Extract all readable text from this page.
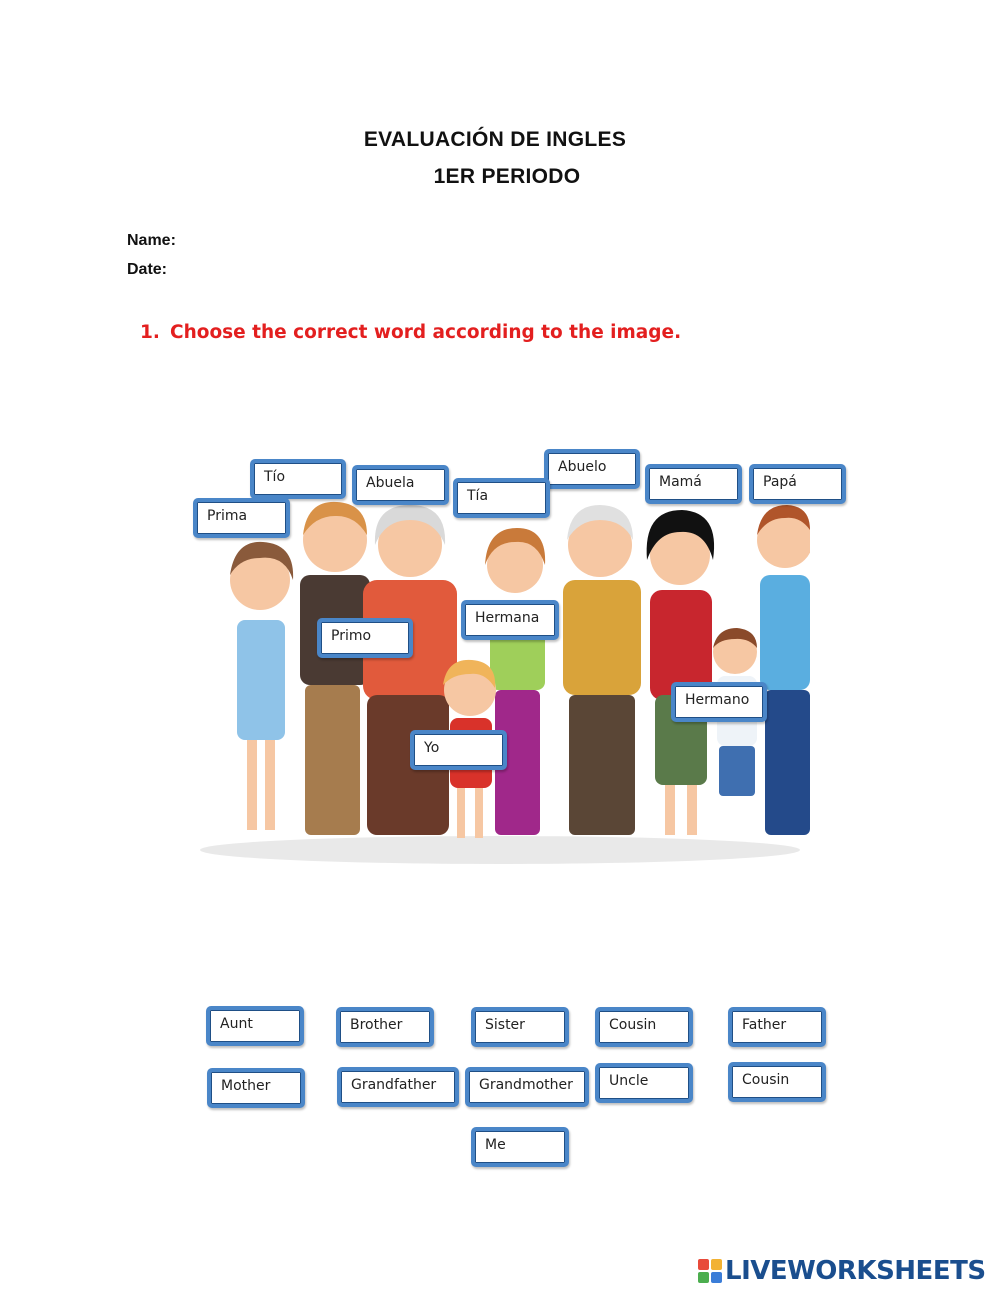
EVALUACIÓN DE INGLES
1ER PERIODO
Name:
Date:
1. Choose the correct word according to the image.
Tío	Abuela
Abuelo
Mamá	Papá
Tía
Prima
Primo
Hermana
Hermano
Yo
Aunt	Brother	Sister	Cousin	Father
Mother	Grandfather	Grandmother	Uncle	Cousin
Me
LIVEWORKSHEETS
